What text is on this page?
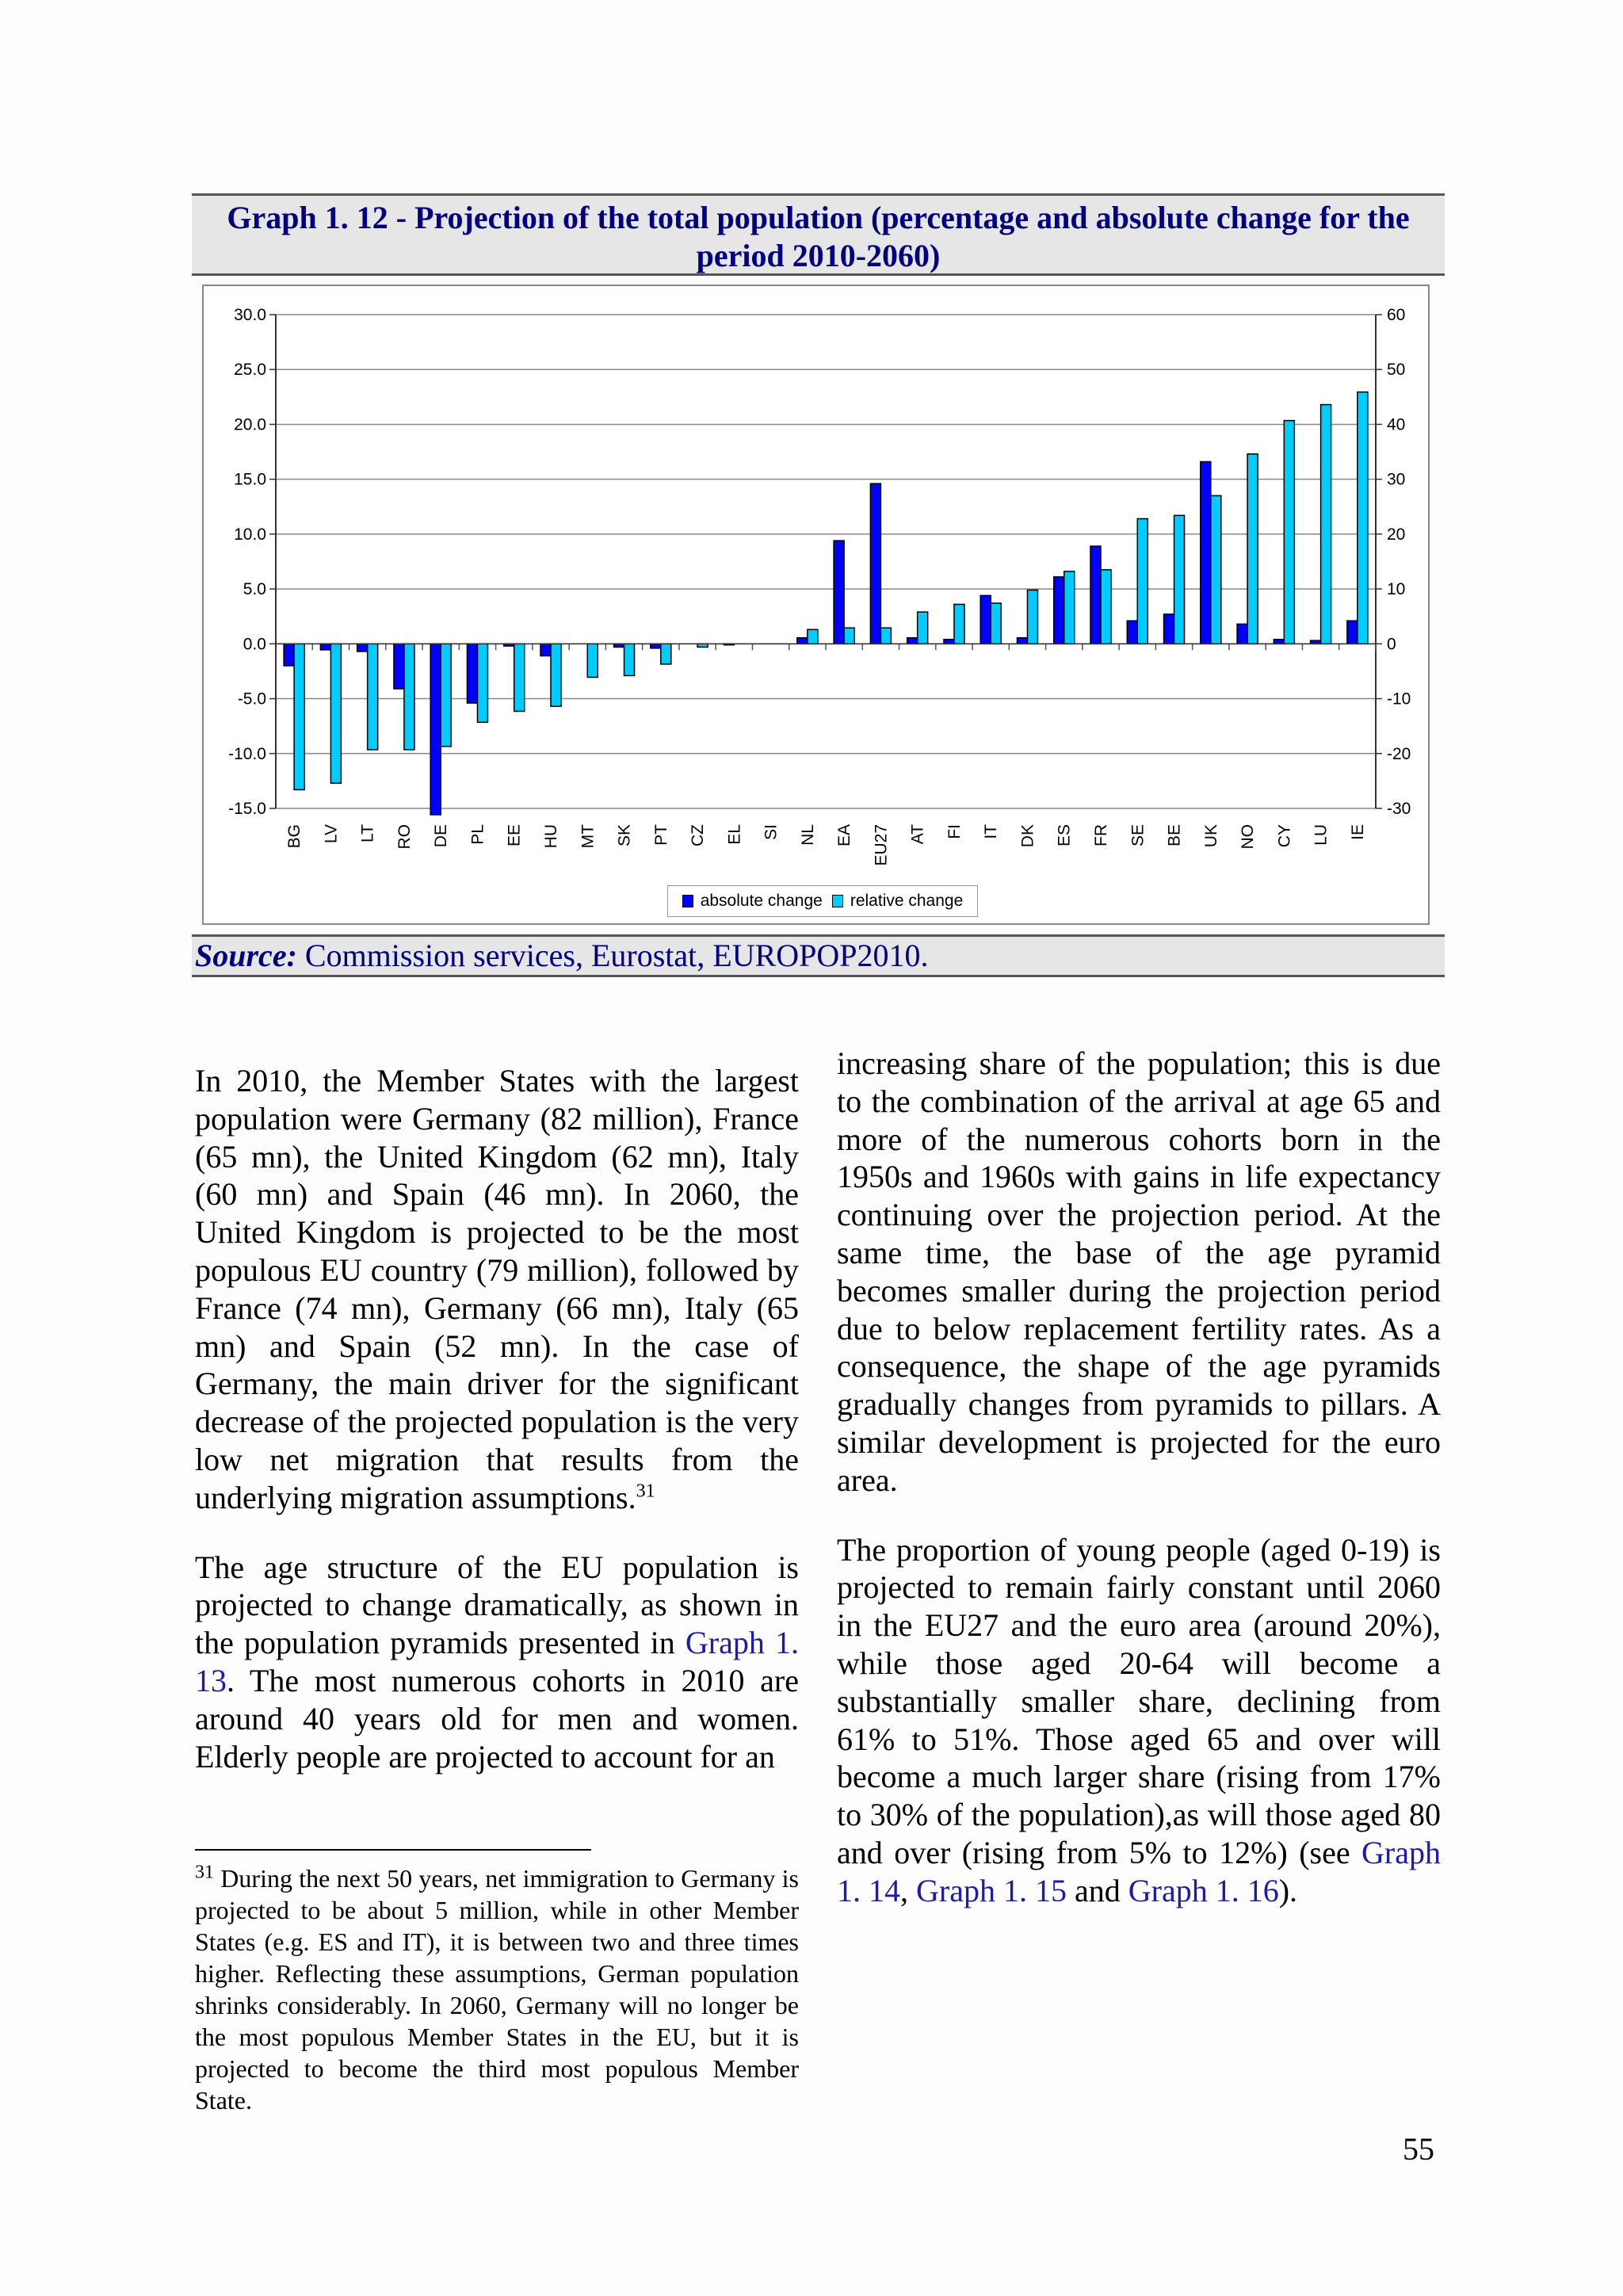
Graph 1. 12 - Projection of the total population (percentage and absolute change for the period 2010-2060)
-15.0
-10.0
-5.0
0.0
5.0
10.0
15.0
20.0
25.0
30.0
-30
-20
-10
0
10
20
30
40
50
60
BG LV LT RO DE PL EE HU MT SK PT CZ EL SI NL EA EU27 AT FI IT DK ES FR SE BE UK NO CY LU IE
absolute change relative change
Source: Commission services, Eurostat, EUROPOP2010.

In 2010, the Member States with the largest population were Germany (82 million), France (65 mn), the United Kingdom (62 mn), Italy (60 mn) and Spain (46 mn). In 2060, the United Kingdom is projected to be the most populous EU country (79 million), followed by France (74 mn), Germany (66 mn), Italy (65 mn) and Spain (52 mn). In the case of Germany, the main driver for the significant decrease of the projected population is the very low net migration that results from the underlying migration assumptions.$^{31}$

The age structure of the EU population is projected to change dramatically, as shown in the population pyramids presented in Graph 1. 13. The most numerous cohorts in 2010 are around 40 years old for men and women. Elderly people are projected to account for an

increasing share of the population; this is due to the combination of the arrival at age 65 and more of the numerous cohorts born in the 1950s and 1960s with gains in life expectancy continuing over the projection period. At the same time, the base of the age pyramid becomes smaller during the projection period due to below replacement fertility rates. As a consequence, the shape of the age pyramids gradually changes from pyramids to pillars. A similar development is projected for the euro area.

The proportion of young people (aged 0-19) is projected to remain fairly constant until 2060 in the EU27 and the euro area (around 20%), while those aged 20-64 will become a substantially smaller share, declining from 61% to 51%. Those aged 65 and over will become a much larger share (rising from 17% to 30% of the population),as will those aged 80 and over (rising from 5% to 12%) (see Graph 1. 14, Graph 1. 15 and Graph 1. 16).

$^{31}$ During the next 50 years, net immigration to Germany is projected to be about 5 million, while in other Member States (e.g. ES and IT), it is between two and three times higher. Reflecting these assumptions, German population shrinks considerably. In 2060, Germany will no longer be the most populous Member States in the EU, but it is projected to become the third most populous Member State.
55
